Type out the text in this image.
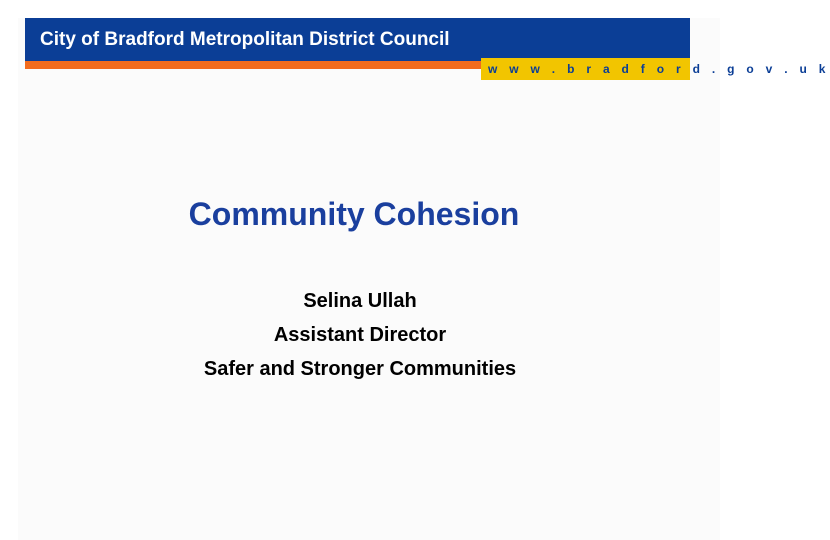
City of Bradford Metropolitan District Council
w w w . b r a d f o r d . g o v . u k
Community Cohesion
Selina Ullah
Assistant Director
Safer and Stronger Communities
